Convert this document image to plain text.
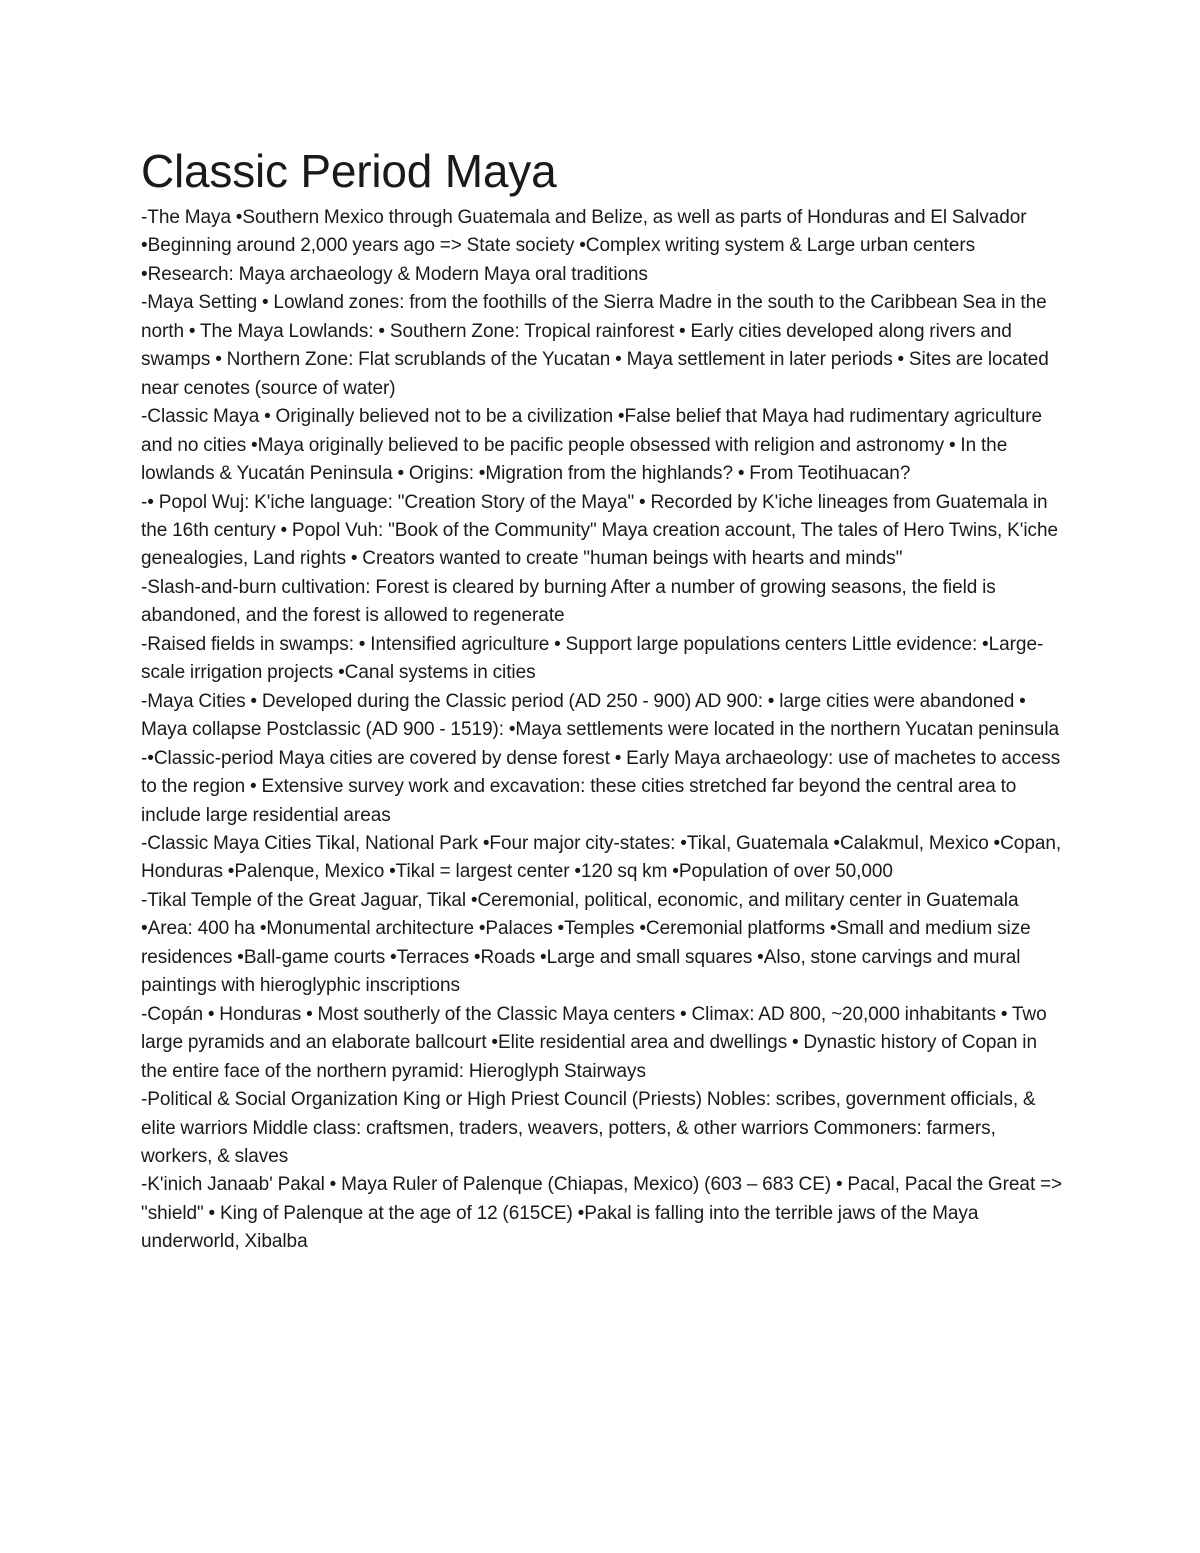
Classic Period Maya

-The Maya •Southern Mexico through Guatemala and Belize, as well as parts of Honduras and El Salvador •Beginning around 2,000 years ago => State society •Complex writing system & Large urban centers •Research: Maya archaeology & Modern Maya oral traditions

-Maya Setting • Lowland zones: from the foothills of the Sierra Madre in the south to the Caribbean Sea in the north • The Maya Lowlands: • Southern Zone: Tropical rainforest • Early cities developed along rivers and swamps • Northern Zone: Flat scrublands of the Yucatan • Maya settlement in later periods • Sites are located near cenotes (source of water)

-Classic Maya • Originally believed not to be a civilization •False belief that Maya had rudimentary agriculture and no cities •Maya originally believed to be pacific people obsessed with religion and astronomy • In the lowlands & Yucatán Peninsula • Origins: •Migration from the highlands? • From Teotihuacan?

-• Popol Wuj: K'iche language: "Creation Story of the Maya" • Recorded by K'iche lineages from Guatemala in the 16th century • Popol Vuh: "Book of the Community" Maya creation account, The tales of Hero Twins, K'iche genealogies, Land rights • Creators wanted to create "human beings with hearts and minds"

-Slash-and-burn cultivation: Forest is cleared by burning After a number of growing seasons, the field is abandoned, and the forest is allowed to regenerate

-Raised fields in swamps: • Intensified agriculture • Support large populations centers Little evidence: •Large-scale irrigation projects •Canal systems in cities

-Maya Cities • Developed during the Classic period (AD 250 - 900) AD 900: • large cities were abandoned • Maya collapse Postclassic (AD 900 - 1519): •Maya settlements were located in the northern Yucatan peninsula

-•Classic-period Maya cities are covered by dense forest • Early Maya archaeology: use of machetes to access to the region • Extensive survey work and excavation: these cities stretched far beyond the central area to include large residential areas

-Classic Maya Cities Tikal, National Park •Four major city-states: •Tikal, Guatemala •Calakmul, Mexico •Copan, Honduras •Palenque, Mexico •Tikal = largest center •120 sq km •Population of over 50,000

-Tikal Temple of the Great Jaguar, Tikal •Ceremonial, political, economic, and military center in Guatemala •Area: 400 ha •Monumental architecture •Palaces •Temples •Ceremonial platforms •Small and medium size residences •Ball-game courts •Terraces •Roads •Large and small squares •Also, stone carvings and mural paintings with hieroglyphic inscriptions

-Copán • Honduras • Most southerly of the Classic Maya centers • Climax: AD 800, ~20,000 inhabitants • Two large pyramids and an elaborate ballcourt •Elite residential area and dwellings • Dynastic history of Copan in the entire face of the northern pyramid: Hieroglyph Stairways

-Political & Social Organization King or High Priest Council (Priests) Nobles: scribes, government officials, & elite warriors Middle class: craftsmen, traders, weavers, potters, & other warriors Commoners: farmers, workers, & slaves

-K'inich Janaab' Pakal • Maya Ruler of Palenque (Chiapas, Mexico) (603 – 683 CE) • Pacal, Pacal the Great => "shield" • King of Palenque at the age of 12 (615CE) •Pakal is falling into the terrible jaws of the Maya underworld, Xibalba
